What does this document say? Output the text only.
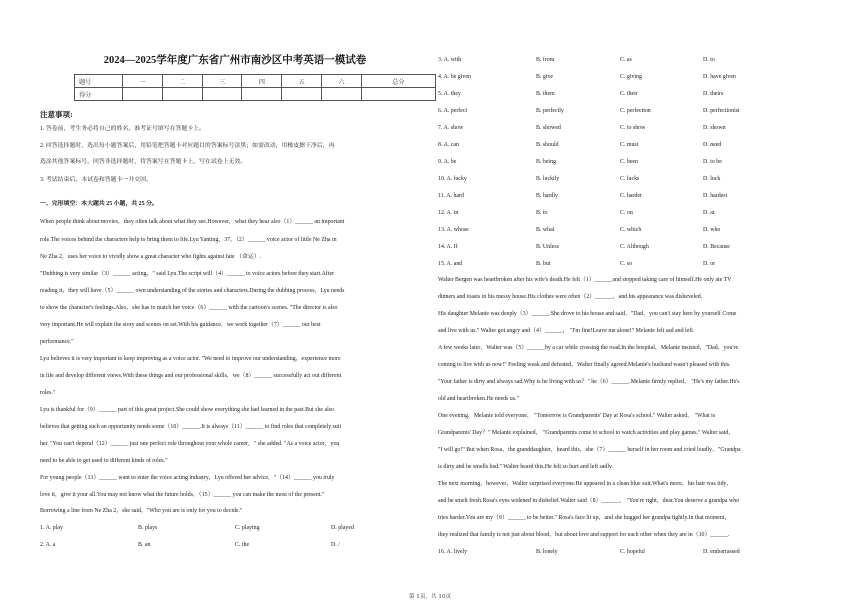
2024—2025学年度广东省广州市南沙区中考英语一模试卷
题号	一	二	三	四	五	六	总分
得分							
注意事项:
1. 答卷前，考生务必将自己的姓名、准考证号填写在答题卡上。
2. 回答选择题时，选出每小题答案后，用铅笔把答题卡对应题目的答案标号涂黑；如需改动，用橡皮擦干净后，再
选涂其他答案标号。回答非选择题时，将答案写在答题卡上，写在试卷上无效。
3. 考试结束后，本试卷和答题卡一并交回。
一、完形填空：本大题共 25 小题，共 25 分。
When people think about movies，they often talk about what they see.However，what they hear also（1）______ an important
role.The voices behind the characters help to bring them to life.Lyu Yanting，37，（2）______ voice actor of little Ne Zha in
Ne Zha 2，uses her voice to vividly show a great character who fights against fate （命运）.
"Dubbing is very similar（3）______ acting，" said Lyu.The script will（4）______ to voice actors before they start.After
reading it，they will have（5）______ own understanding of the stories and characters.During the dubbing process，Lyu needs
to show the character's feelings.Also，she has to match her voice（6）______ with the cartoon's scenes. "The director is also
very important.He will explain the story and scenes on set.With his guidance，we work together（7）______ our best
performance."
Lyu believes it is very important to keep improving as a voice actor. "We need to improve our understanding，experience more
in life and develop different views.With these things and our professional skills，we（8）______ successfully act out different
roles."
Lyu is thankful for（9）______ part of this great project.She could show everything she had learned in the past.But she also
believes that getting such an opportunity needs some（10）______.It is always（11）______ to find roles that completely suit
her. "You can't depend（12）______ just one perfect role throughout your whole career，" she added. "As a voice actor，you
need to be able to get used to different kinds of roles."
For young people（13）______ want to enter the voice acting industry，Lyu offered her advice，"（14）______ you truly
love it，give it your all.You may not know what the future holds，（15）______ you can make the most of the present."
Borrowing a line from Ne Zha 2，she said，"Who you are is only for you to decide."
1. A. play	B. plays	C. playing	D. played
2. A. a	B. an	C. the	D. /
3. A. with	B. from	C. as	D. to
4. A. be given	B. give	C. giving	D. have given
5. A. they	B. them	C. their	D. theirs
6. A. perfect	B. perfectly	C. perfection	D. perfectionist
7. A. show	B. showed	C. to show	D. shown
8. A. can	B. should	C. must	D. need
9. A. be	B. being	C. been	D. to be
10. A. lucky	B. luckily	C. lucks	D. luck
11. A. hard	B. hardly	C. harder	D. hardest
12. A. in	B. to	C. on	D. at
13. A. whose	B. what	C. which	D. who
14. A. If	B. Unless	C. Although	D. Because
15. A. and	B. but	C. so	D. or
Walter Bergen was heartbroken after his wife's death.He felt（1）______and stopped taking care of himself.He only ate TV
dinners and toasts in his messy house.His clothes were often（2）______，and his appearance was disheveled.
His daughter Melanie was deeply（3）______.She drove to his house and said，"Dad，you can't stay here by yourself.Come
and live with us." Walter got angry and（4）______， "I'm fine!Leave me alone!" Melanie felt sad and left.
A few weeks later，Walter was（5）______by a car while crossing the road.In the hospital，Melanie insisted，"Dad，you're
coming to live with us now!" Feeling weak and defeated，Walter finally agreed.Melanie's husband wasn't pleased with this.
"Your father is dirty and always sad.Why is he living with us？" he（6）______.Melanie firmly replied， "He's my father.He's
old and heartbroken.He needs us."
One evening，Melanie told everyone， "Tomorrow is Grandparents' Day at Rosa's school." Walter asked， "What is
Grandparents' Day？" Melanie explained， "Grandparents come to school to watch activities and play games." Walter said，
"I will go!" But when Rosa，the granddaughter，heard this，she（7）______ herself in her room and cried loudly，"Grandpa
is dirty and he smells bad." Walter heard this.He felt so hurt and left sadly.
The next morning，however，Walter surprised everyone.He appeared in a clean blue suit.What's more，his hair was tidy，
and he smelt fresh.Rosa's eyes widened in disbelief.Walter said（8）______， "You're right，dear.You deserve a grandpa who
tries harder.You are my（9）______ to be better." Rosa's face lit up，and she hugged her grandpa tightly.In that moment，
they realized that family is not just about blood，but about love and support for each other when they are in（10）______.
16. A. lively	B. lonely	C. hopeful	D. embarrassed
第 1页，共 10页
